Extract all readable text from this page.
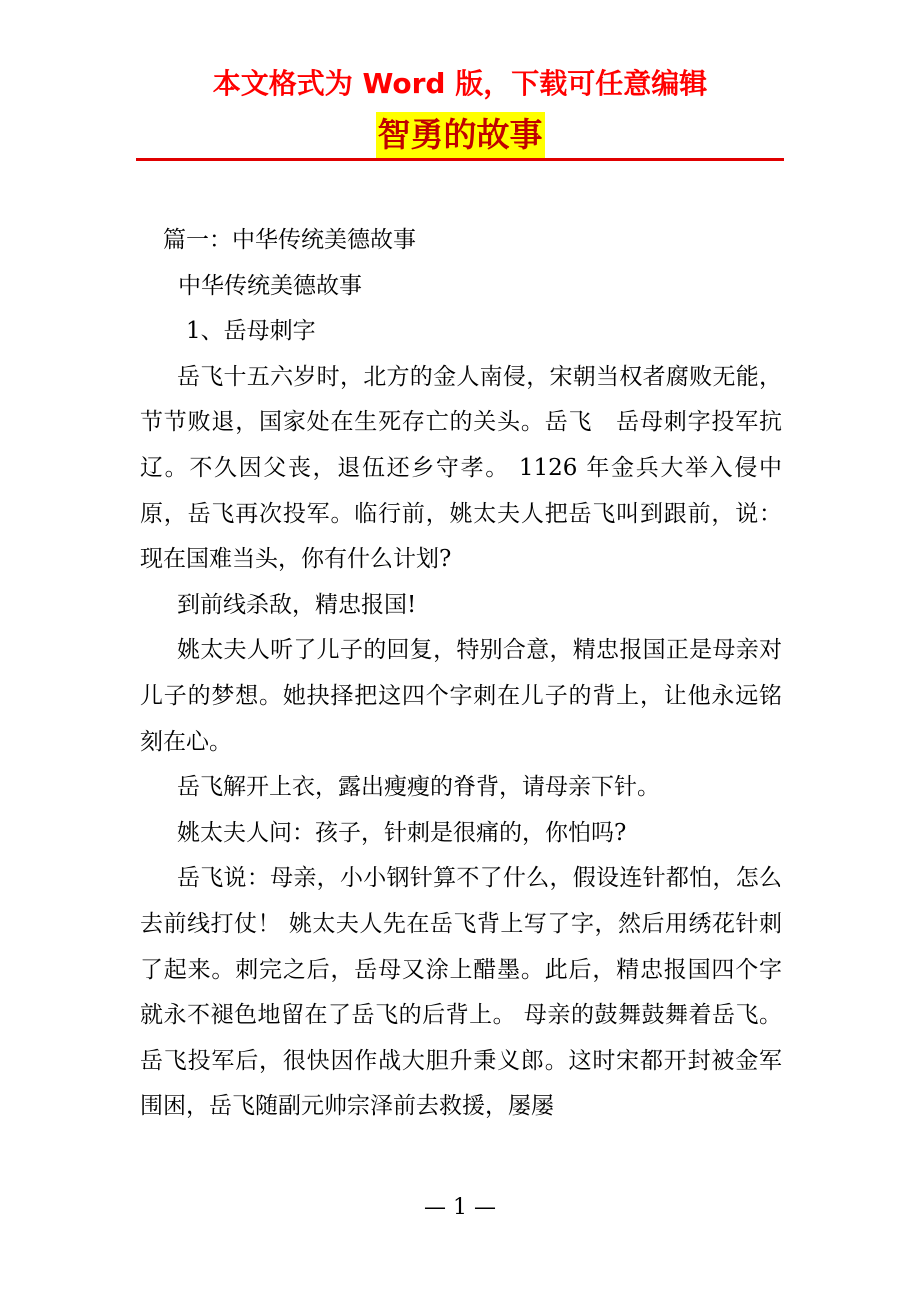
本文格式为 Word 版，下载可任意编辑
智勇的故事

篇一：中华传统美德故事

中华传统美德故事

1、岳母刺字

岳飞十五六岁时，北方的金人南侵，宋朝当权者腐败无能，节节败退，国家处在生死存亡的关头。岳飞　岳母刺字投军抗辽。不久因父丧，退伍还乡守孝。 1126 年金兵大举入侵中原，岳飞再次投军。临行前，姚太夫人把岳飞叫到跟前，说：现在国难当头，你有什么计划?

到前线杀敌，精忠报国!

姚太夫人听了儿子的回复，特别合意，精忠报国正是母亲对儿子的梦想。她抉择把这四个字刺在儿子的背上，让他永远铭刻在心。

岳飞解开上衣，露出瘦瘦的脊背，请母亲下针。

姚太夫人问：孩子，针刺是很痛的，你怕吗?

岳飞说：母亲，小小钢针算不了什么，假设连针都怕，怎么去前线打仗！ 姚太夫人先在岳飞背上写了字，然后用绣花针刺了起来。刺完之后，岳母又涂上醋墨。此后，精忠报国四个字就永不褪色地留在了岳飞的后背上。 母亲的鼓舞鼓舞着岳飞。岳飞投军后，很快因作战大胆升秉义郎。这时宋都开封被金军围困，岳飞随副元帅宗泽前去救援，屡屡

— 1 —
